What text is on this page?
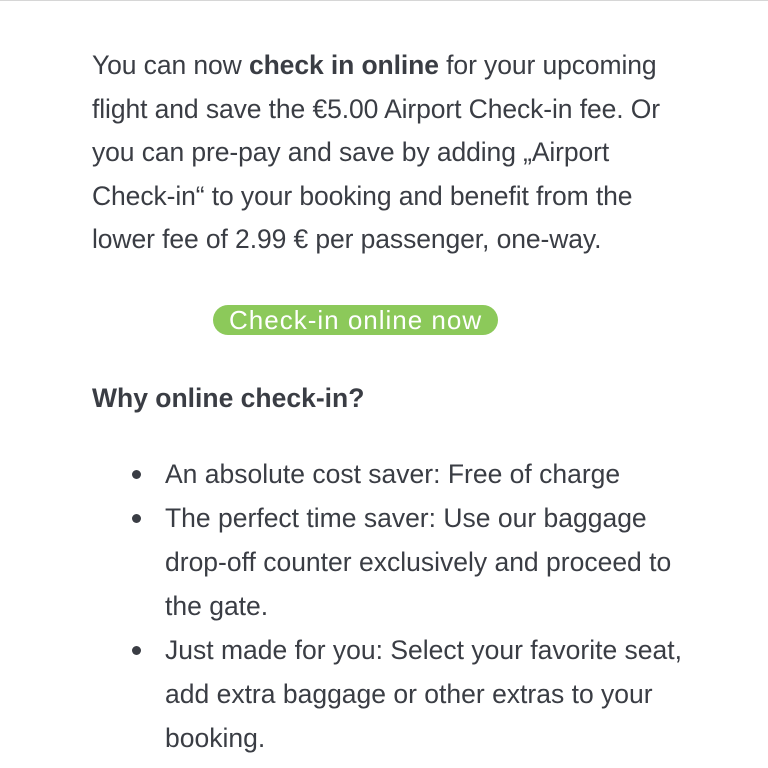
You can now check in online for your upcoming flight and save the €5.00 Airport Check-in fee. Or you can pre-pay and save by adding „Airport Check-in“ to your booking and benefit from the lower fee of 2.99 € per passenger, one-way.

Check-in online now
Why online check-in?
An absolute cost saver: Free of charge
The perfect time saver: Use our baggage drop-off counter exclusively and proceed to the gate.
Just made for you: Select your favorite seat, add extra baggage or other extras to your booking.
